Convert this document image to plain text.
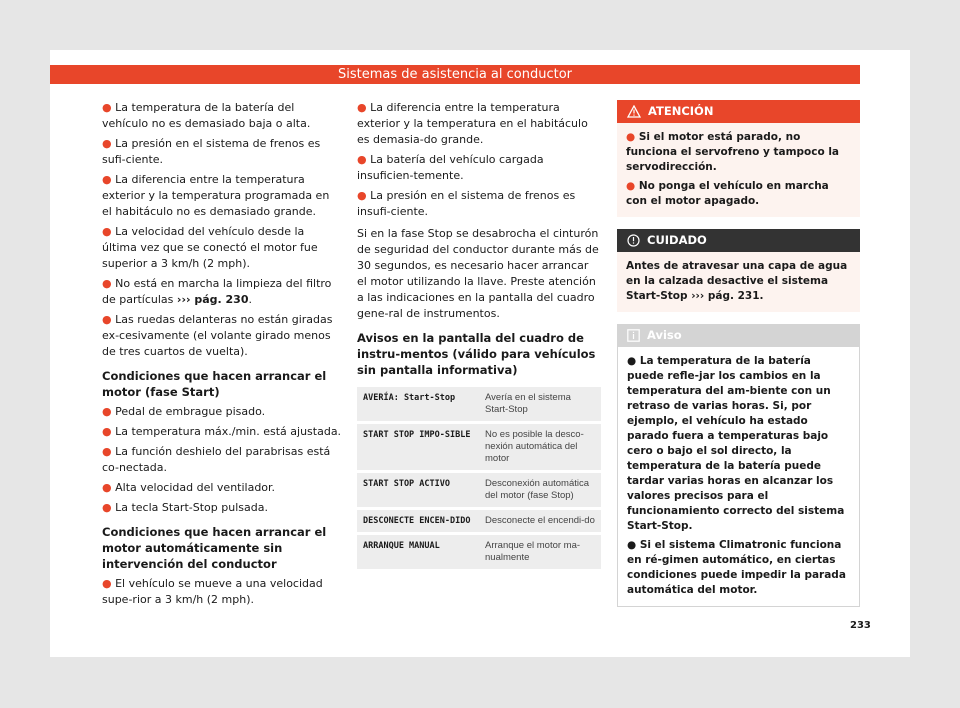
Sistemas de asistencia al conductor

● La temperatura de la batería del vehículo no es demasiado baja o alta.

● La presión en el sistema de frenos es sufi-ciente.

● La diferencia entre la temperatura exterior y la temperatura programada en el habitáculo no es demasiado grande.

● La velocidad del vehículo desde la última vez que se conectó el motor fue superior a 3 km/h (2 mph).

● No está en marcha la limpieza del filtro de partículas ››› pág. 230.

● Las ruedas delanteras no están giradas ex-cesivamente (el volante girado menos de tres cuartos de vuelta).

Condiciones que hacen arrancar el motor (fase Start)

● Pedal de embrague pisado.

● La temperatura máx./min. está ajustada.

● La función deshielo del parabrisas está co-nectada.

● Alta velocidad del ventilador.

● La tecla Start-Stop pulsada.

Condiciones que hacen arrancar el motor automáticamente sin intervención del conductor

● El vehículo se mueve a una velocidad supe-rior a 3 km/h (2 mph).

● La diferencia entre la temperatura exterior y la temperatura en el habitáculo es demasia-do grande.

● La batería del vehículo cargada insuficien-temente.

● La presión en el sistema de frenos es insufi-ciente.

Si en la fase Stop se desabrocha el cinturón de seguridad del conductor durante más de 30 segundos, es necesario hacer arrancar el motor utilizando la llave. Preste atención a las indicaciones en la pantalla del cuadro gene-ral de instrumentos.

Avisos en la pantalla del cuadro de instru-mentos (válido para vehículos sin pantalla informativa)
AVERÍA: Start-Stop	Avería en el sistema Start-Stop
START STOP IMPO-SIBLE	No es posible la desco-nexión automática del motor
START STOP ACTIVO	Desconexión automática del motor (fase Stop)
DESCONECTE ENCEN-DIDO	Desconecte el encendi-do
ARRANQUE MANUAL	Arranque el motor ma-nualmente
ATENCIÓN

● Si el motor está parado, no funciona el servofreno y tampoco la servodirección.

● No ponga el vehículo en marcha con el motor apagado.

CUIDADO
Antes de atravesar una capa de agua en la calzada desactive el sistema Start-Stop ››› pág. 231.
Aviso

● La temperatura de la batería puede refle-jar los cambios en la temperatura del am-biente con un retraso de varias horas. Si, por ejemplo, el vehículo ha estado parado fuera a temperaturas bajo cero o bajo el sol directo, la temperatura de la batería puede tardar varias horas en alcanzar los valores precisos para el funcionamiento correcto del sistema Start-Stop.

● Si el sistema Climatronic funciona en ré-gimen automático, en ciertas condiciones puede impedir la parada automática del motor.

233
